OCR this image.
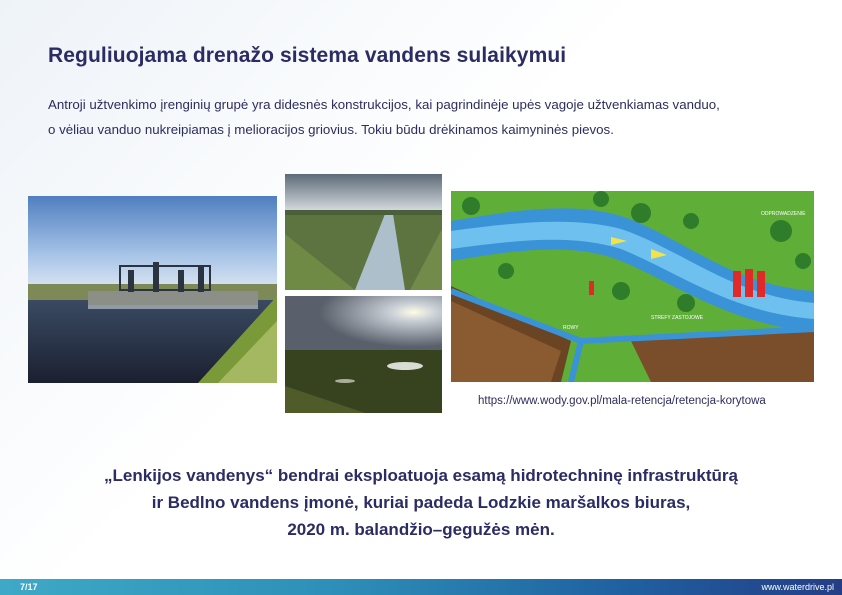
Reguliuojama drenažo sistema vandens sulaikymui

Antroji užtvenkimo įrenginių grupė yra didesnės konstrukcijos, kai pagrindinėje upės vagoje užtvenkiamas vanduo,

o vėliau vanduo nukreipiamas į melioracijos griovius. Tokiu būdu drėkinamos kaimyninės pievos.

ODPROWADZENIE
STREFY ZASTOJOWE
ROWY
https://www.wody.gov.pl/mala-retencja/retencja-korytowa

„Lenkijos vandenys“ bendrai eksploatuoja esamą hidrotechninę infrastruktūrą

ir Bedlno vandens įmonė, kuriai padeda Lodzkie maršalkos biuras,

2020 m. balandžio–gegužės mėn.

7/17	www.waterdrive.pl
